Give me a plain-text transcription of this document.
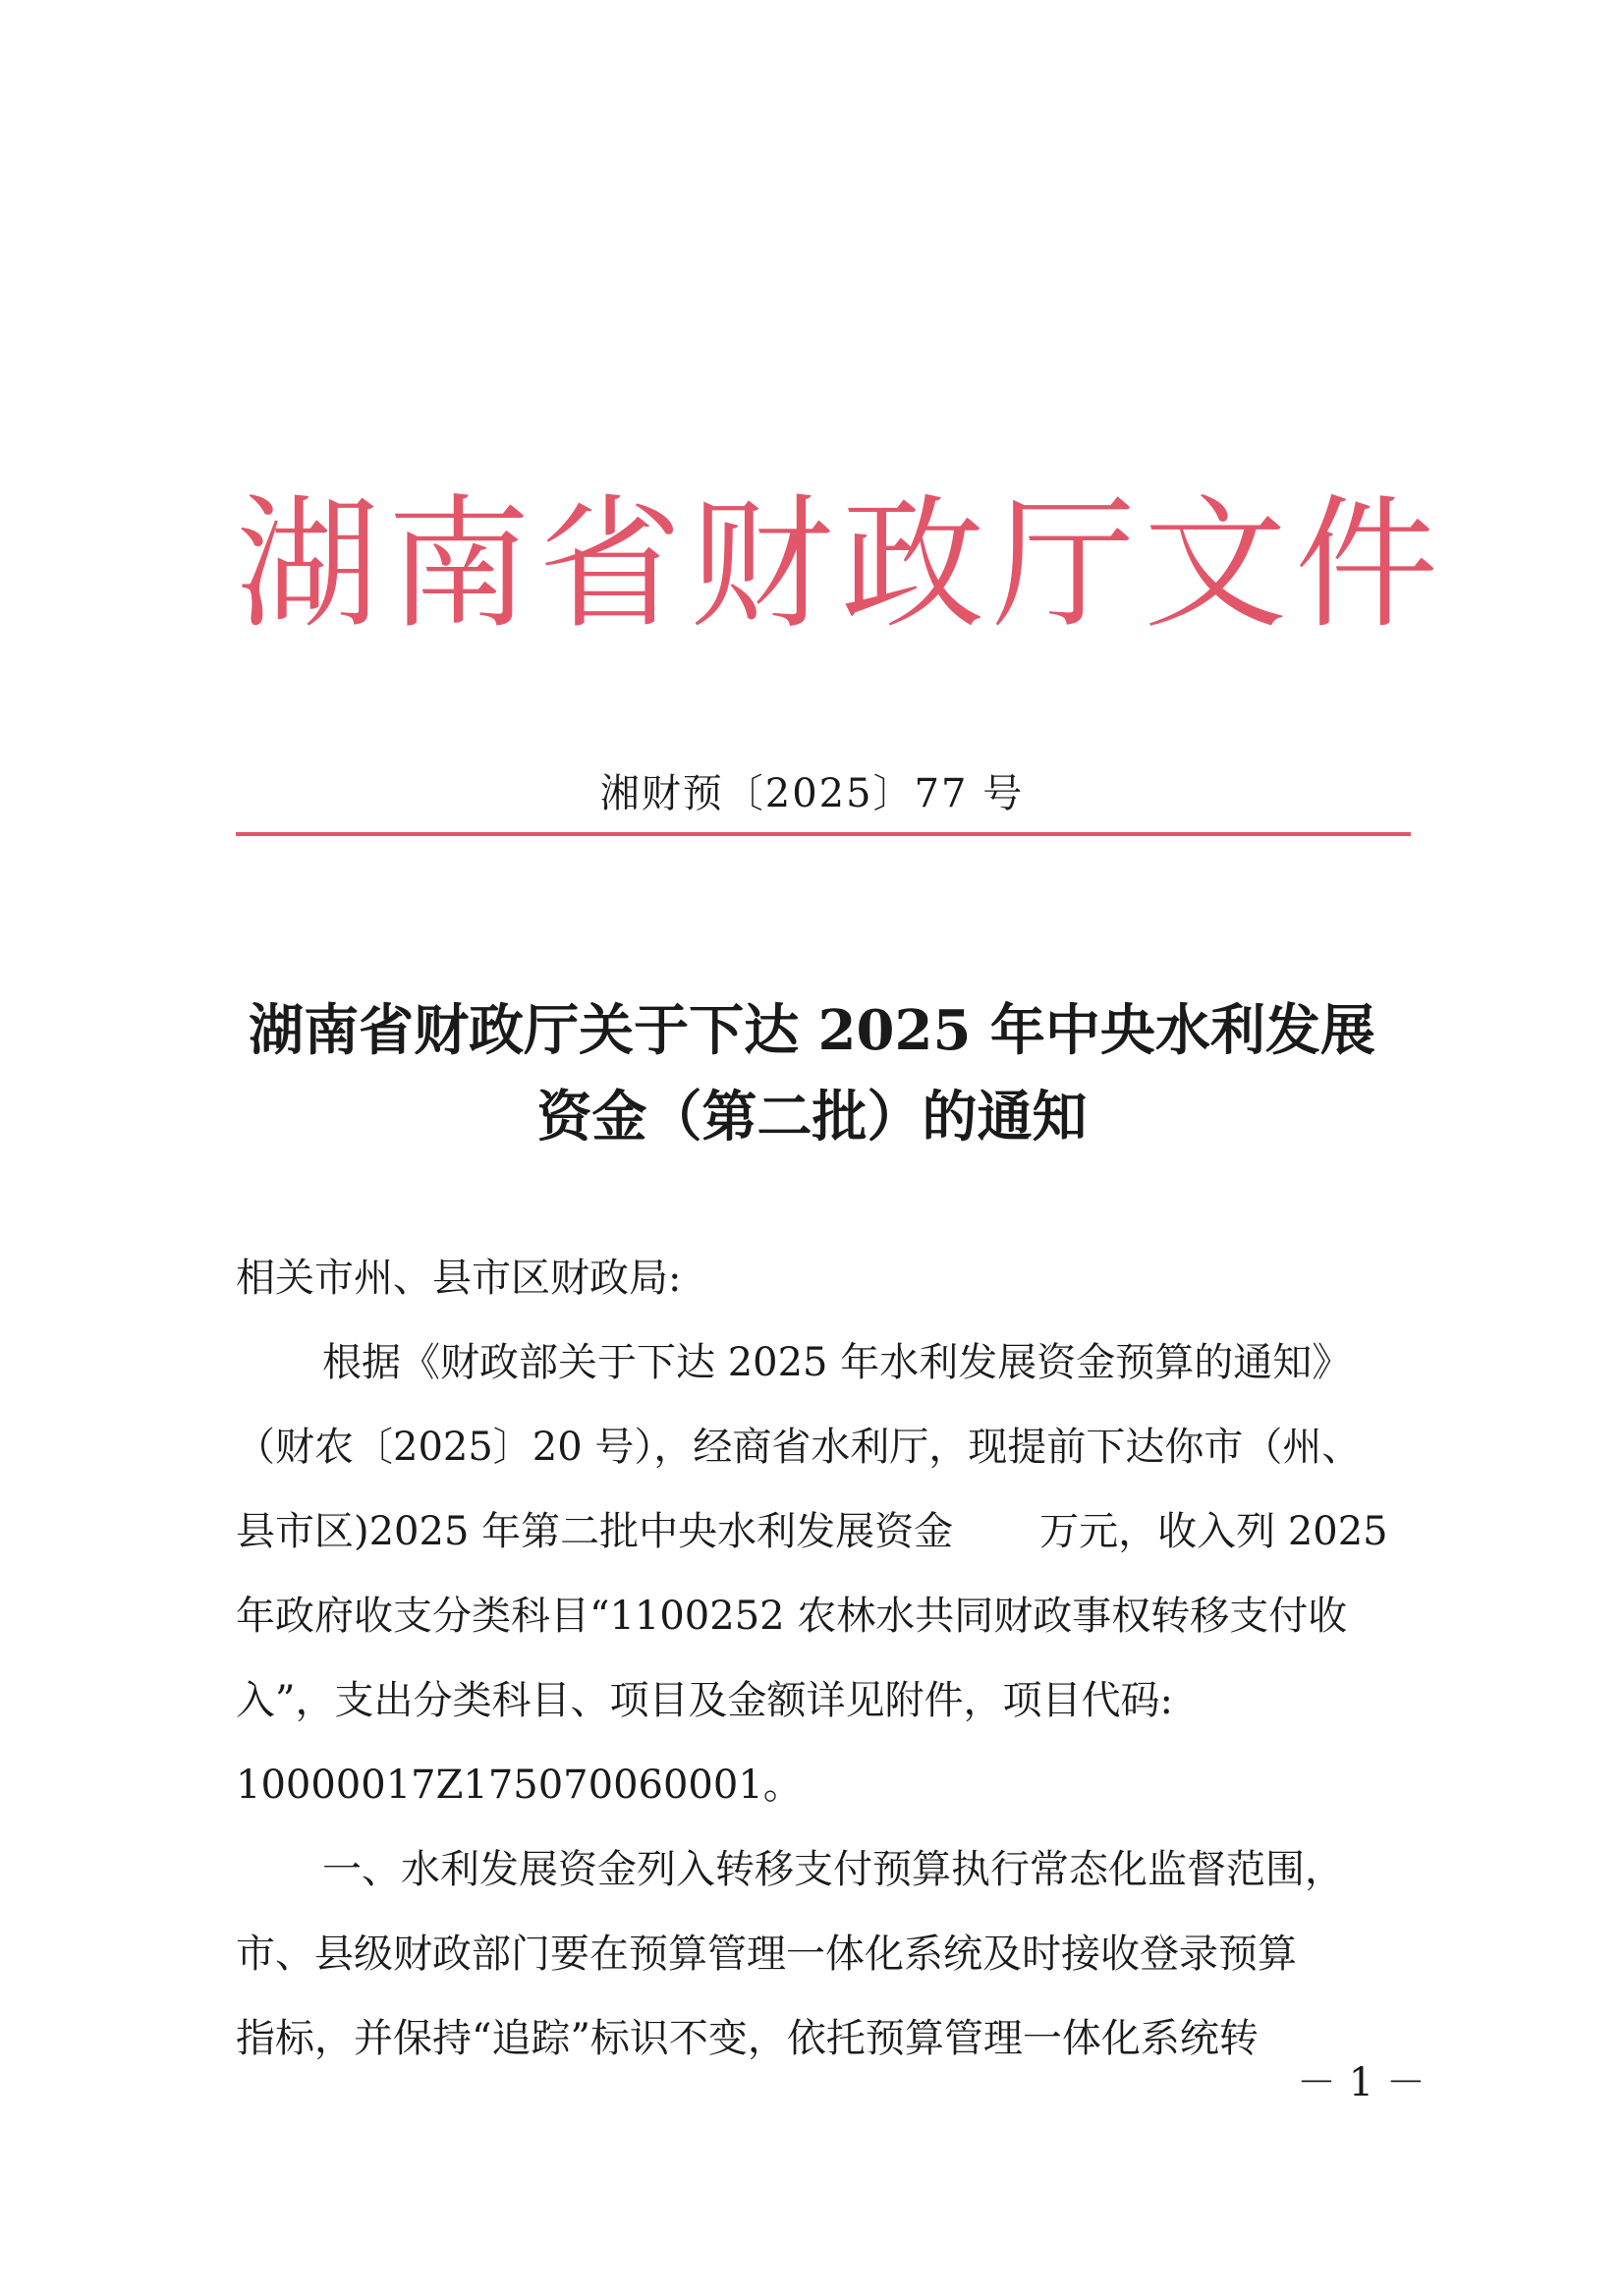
湖南省财政厅文件
湘财预〔2025〕77 号
湖南省财政厅关于下达 2025 年中央水利发展
资金（第二批）的通知

相关市州、县市区财政局:

根据《财政部关于下达 2025 年水利发展资金预算的通知》

（财农〔2025〕20 号），经商省水利厅，现提前下达你市（州、

县市区)2025 年第二批中央水利发展资金 万元，收入列 2025

年政府收支分类科目“1100252 农林水共同财政事权转移支付收

入”，支出分类科目、项目及金额详见附件，项目代码:

10000017Z175070060001。

一、水利发展资金列入转移支付预算执行常态化监督范围，

市、县级财政部门要在预算管理一体化系统及时接收登录预算

指标，并保持“追踪”标识不变，依托预算管理一体化系统转

－ 1 －
